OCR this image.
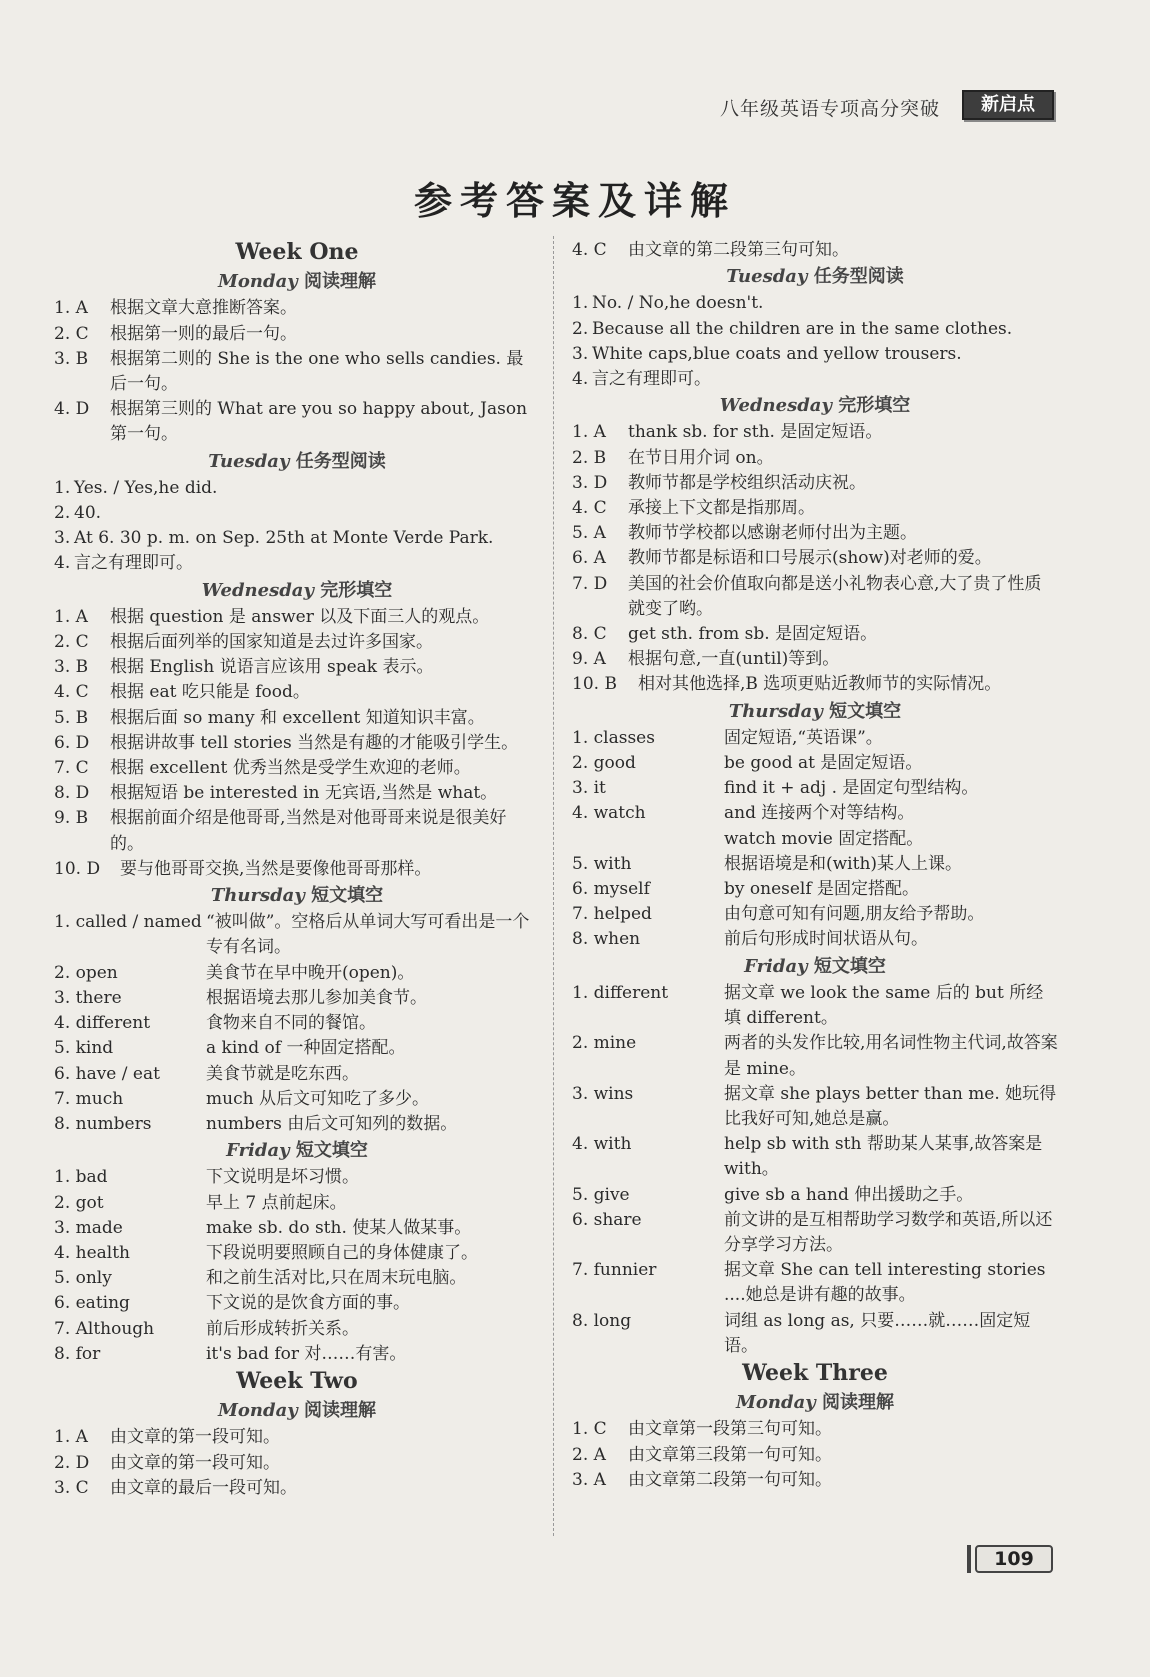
八年级英语专项高分突破	新启点
参考答案及详解
Week One
Monday 阅读理解
1. A	根据文章大意推断答案。
2. C	根据第一则的最后一句。
3. B	根据第二则的 She is the one who sells candies. 最后一句。
4. D	根据第三则的 What are you so happy about, Jason 第一句。
Tuesday 任务型阅读
1. Yes. / Yes,he did.
2. 40.
3. At 6. 30 p. m. on Sep. 25th at Monte Verde Park.
4. 言之有理即可。
Wednesday 完形填空
1. A	根据 question 是 answer 以及下面三人的观点。
2. C	根据后面列举的国家知道是去过许多国家。
3. B	根据 English 说语言应该用 speak 表示。
4. C	根据 eat 吃只能是 food。
5. B	根据后面 so many 和 excellent 知道知识丰富。
6. D	根据讲故事 tell stories 当然是有趣的才能吸引学生。
7. C	根据 excellent 优秀当然是受学生欢迎的老师。
8. D	根据短语 be interested in 无宾语,当然是 what。
9. B	根据前面介绍是他哥哥,当然是对他哥哥来说是很美好的。
10. D	要与他哥哥交换,当然是要像他哥哥那样。
Thursday 短文填空
1. called / named “被叫做”。空格后从单词大写可看出是一个专有名词。
2. open	美食节在早中晚开(open)。
3. there	根据语境去那儿参加美食节。
4. different	食物来自不同的餐馆。
5. kind	a kind of 一种固定搭配。
6. have / eat	美食节就是吃东西。
7. much	much 从后文可知吃了多少。
8. numbers	numbers 由后文可知列的数据。
Friday 短文填空
1. bad	下文说明是坏习惯。
2. got	早上 7 点前起床。
3. made	make sb. do sth. 使某人做某事。
4. health	下段说明要照顾自己的身体健康了。
5. only	和之前生活对比,只在周末玩电脑。
6. eating	下文说的是饮食方面的事。
7. Although	前后形成转折关系。
8. for	it's bad for 对……有害。
Week Two
Monday 阅读理解
1. A	由文章的第一段可知。
2. D	由文章的第一段可知。
3. C	由文章的最后一段可知。
4. C	由文章的第二段第三句可知。
Tuesday 任务型阅读
1. No. / No,he doesn't.
2. Because all the children are in the same clothes.
3. White caps,blue coats and yellow trousers.
4. 言之有理即可。
Wednesday 完形填空
1. A	thank sb. for sth. 是固定短语。
2. B	在节日用介词 on。
3. D	教师节都是学校组织活动庆祝。
4. C	承接上下文都是指那周。
5. A	教师节学校都以感谢老师付出为主题。
6. A	教师节都是标语和口号展示(show)对老师的爱。
7. D	美国的社会价值取向都是送小礼物表心意,大了贵了性质就变了哟。
8. C	get sth. from sb. 是固定短语。
9. A	根据句意,一直(until)等到。
10. B	相对其他选择,B 选项更贴近教师节的实际情况。
Thursday 短文填空
1. classes	固定短语,“英语课”。
2. good	be good at 是固定短语。
3. it	find it + adj . 是固定句型结构。
4. watch	and 连接两个对等结构。
watch movie 固定搭配。
5. with	根据语境是和(with)某人上课。
6. myself	by oneself 是固定搭配。
7. helped	由句意可知有问题,朋友给予帮助。
8. when	前后句形成时间状语从句。
Friday 短文填空
1. different	据文章 we look the same 后的 but 所经填 different。
2. mine	两者的头发作比较,用名词性物主代词,故答案是 mine。
3. wins	据文章 she plays better than me. 她玩得比我好可知,她总是赢。
4. with	help sb with sth 帮助某人某事,故答案是 with。
5. give	give sb a hand 伸出援助之手。
6. share	前文讲的是互相帮助学习数学和英语,所以还分享学习方法。
7. funnier	据文章 She can tell interesting stories ....她总是讲有趣的故事。
8. long	词组 as long as, 只要……就……固定短语。
Week Three
Monday 阅读理解
1. C	由文章第一段第三句可知。
2. A	由文章第三段第一句可知。
3. A	由文章第二段第一句可知。
109
